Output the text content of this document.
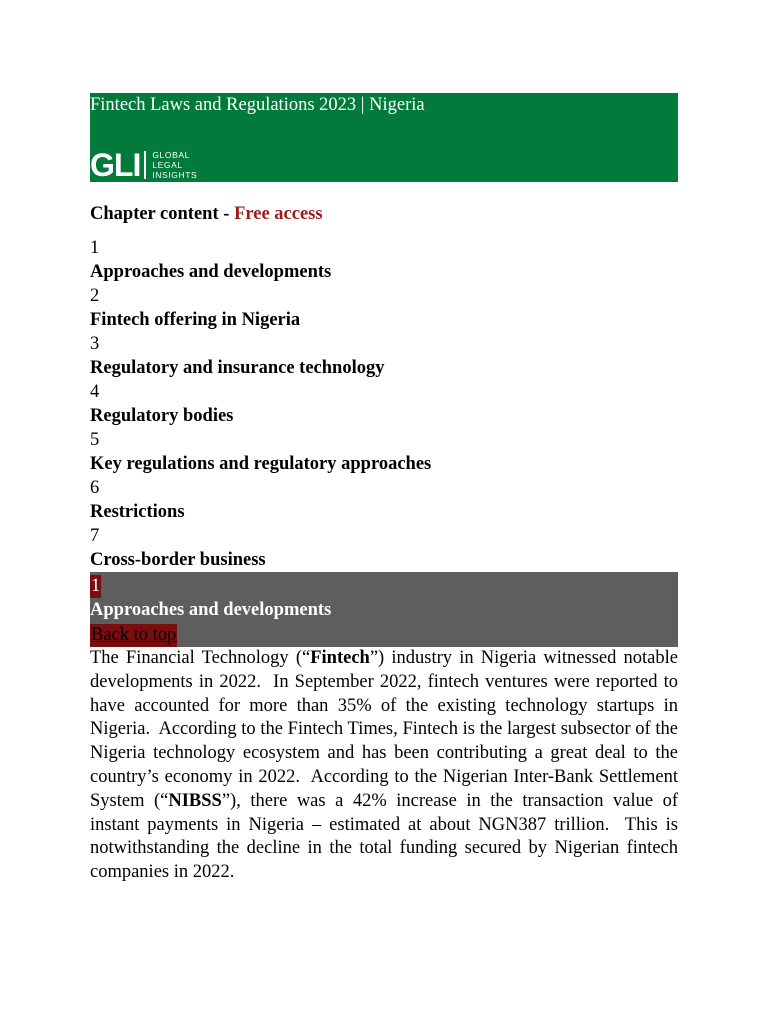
Fintech Laws and Regulations 2023 | Nigeria
GLI GLOBAL
LEGAL
INSIGHTS
Chapter content - Free access
1
Approaches and developments
2
Fintech offering in Nigeria
3
Regulatory and insurance technology
4
Regulatory bodies
5
Key regulations and regulatory approaches
6
Restrictions
7
Cross-border business
1
Approaches and developments
Back to top
The Financial Technology (“Fintech”) industry in Nigeria witnessed notable developments in 2022.  In September 2022, fintech ventures were reported to have accounted for more than 35% of the existing technology startups in Nigeria.  According to the Fintech Times, Fintech is the largest subsector of the Nigeria technology ecosystem and has been contributing a great deal to the country’s economy in 2022.  According to the Nigerian Inter-Bank Settlement System (“NIBSS”), there was a 42% increase in the transaction value of instant payments in Nigeria – estimated at about NGN387 trillion.  This is notwithstanding the decline in the total funding secured by Nigerian fintech companies in 2022.
